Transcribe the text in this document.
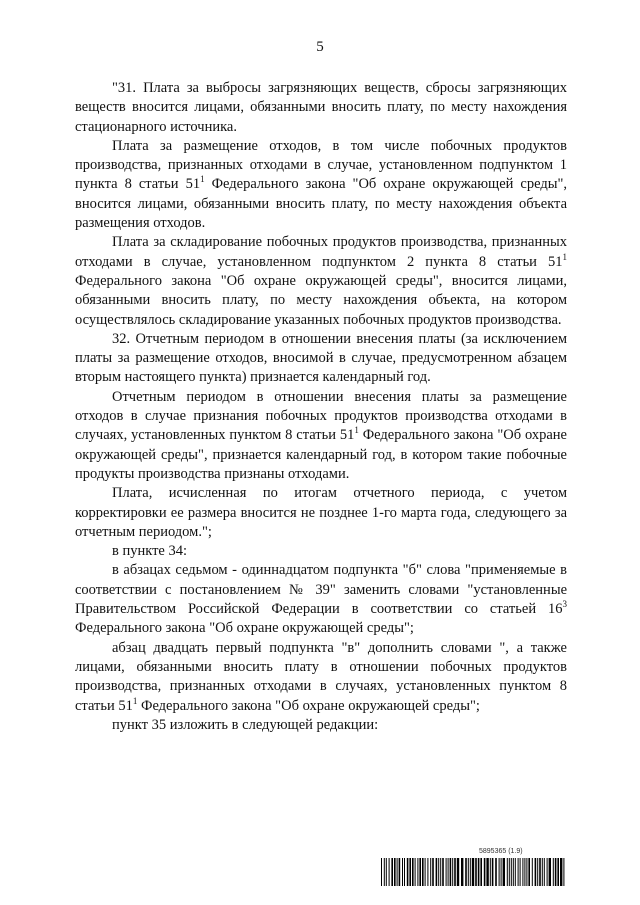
5

"31. Плата за выбросы загрязняющих веществ, сбросы загрязняющих веществ вносится лицами, обязанными вносить плату, по месту нахождения стационарного источника.

Плата за размещение отходов, в том числе побочных продуктов производства, признанных отходами в случае, установленном подпунктом 1 пункта 8 статьи $51^1$ Федерального закона "Об охране окружающей среды", вносится лицами, обязанными вносить плату, по месту нахождения объекта размещения отходов.

Плата за складирование побочных продуктов производства, признанных отходами в случае, установленном подпунктом 2 пункта 8 статьи $51^1$ Федерального закона "Об охране окружающей среды", вносится лицами, обязанными вносить плату, по месту нахождения объекта, на котором осуществлялось складирование указанных побочных продуктов производства.

32. Отчетным периодом в отношении внесения платы (за исключением платы за размещение отходов, вносимой в случае, предусмотренном абзацем вторым настоящего пункта) признается календарный год.

Отчетным периодом в отношении внесения платы за размещение отходов в случае признания побочных продуктов производства отходами в случаях, установленных пунктом 8 статьи $51^1$ Федерального закона "Об охране окружающей среды", признается календарный год, в котором такие побочные продукты производства признаны отходами.

Плата, исчисленная по итогам отчетного периода, с учетом корректировки ее размера вносится не позднее 1-го марта года, следующего за отчетным периодом.";

в пункте 34:

в абзацах седьмом - одиннадцатом подпункта "б" слова "применяемые в соответствии с постановлением № 39" заменить словами "установленные Правительством Российской Федерации в соответствии со статьей $16^3$ Федерального закона "Об охране окружающей среды";

абзац двадцать первый подпункта "в" дополнить словами ", а также лицами, обязанными вносить плату в отношении побочных продуктов производства, признанных отходами в случаях, установленных пунктом 8 статьи $51^1$ Федерального закона "Об охране окружающей среды";

пункт 35 изложить в следующей редакции:

5895365 (1.9)
